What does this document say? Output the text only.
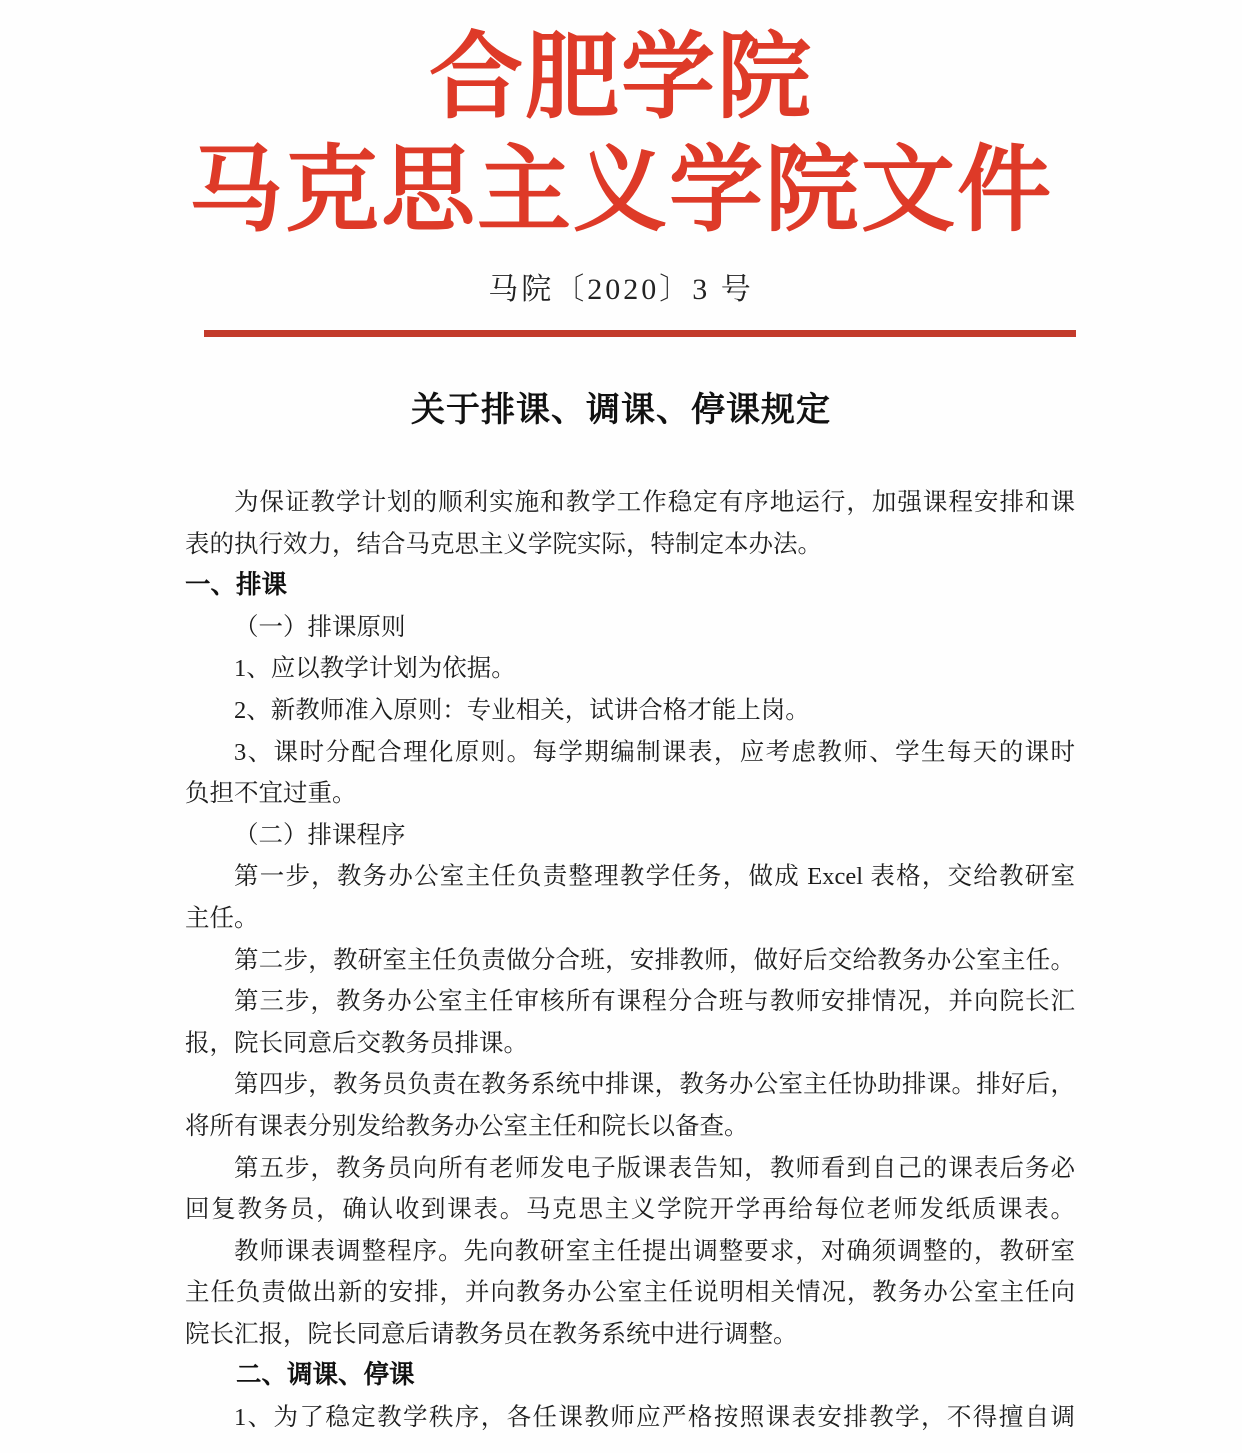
合肥学院
马克思主义学院文件
马院〔2020〕3 号
关于排课、调课、停课规定
为保证教学计划的顺利实施和教学工作稳定有序地运行，加强课程安排和课
表的执行效力，结合马克思主义学院实际，特制定本办法。
一、排课
（一）排课原则
1、应以教学计划为依据。
2、新教师准入原则：专业相关，试讲合格才能上岗。
3、课时分配合理化原则。每学期编制课表，应考虑教师、学生每天的课时
负担不宜过重。
（二）排课程序
第一步，教务办公室主任负责整理教学任务，做成 Excel 表格，交给教研室
主任。
第二步，教研室主任负责做分合班，安排教师，做好后交给教务办公室主任。
第三步，教务办公室主任审核所有课程分合班与教师安排情况，并向院长汇
报，院长同意后交教务员排课。
第四步，教务员负责在教务系统中排课，教务办公室主任协助排课。排好后，
将所有课表分别发给教务办公室主任和院长以备查。
第五步，教务员向所有老师发电子版课表告知，教师看到自己的课表后务必
回复教务员，确认收到课表。马克思主义学院开学再给每位老师发纸质课表。
教师课表调整程序。先向教研室主任提出调整要求，对确须调整的，教研室
主任负责做出新的安排，并向教务办公室主任说明相关情况，教务办公室主任向
院长汇报，院长同意后请教务员在教务系统中进行调整。
二、调课、停课
1、为了稳定教学秩序，各任课教师应严格按照课表安排教学，不得擅自调
